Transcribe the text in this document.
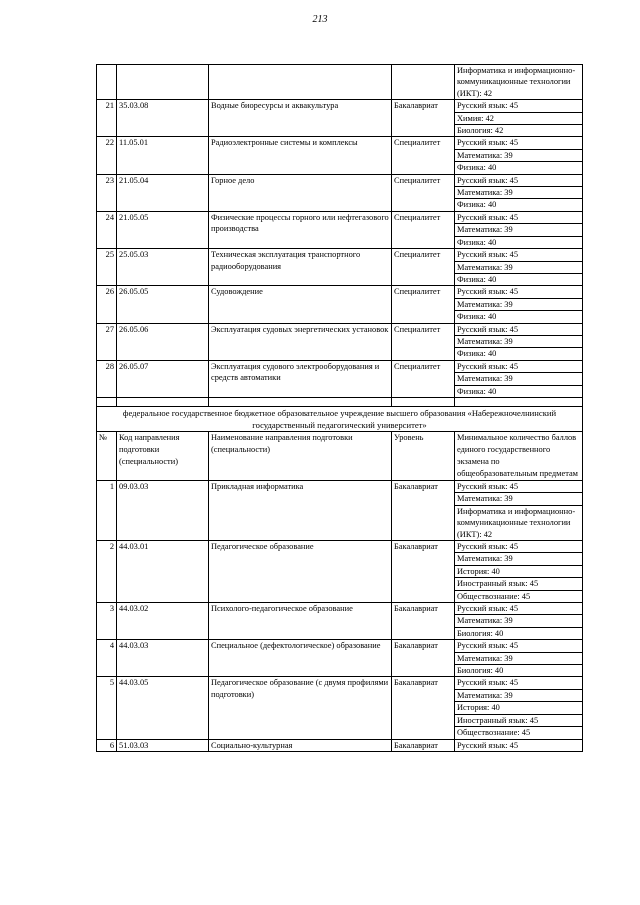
213
				Информатика и информационно-коммуникационные технологии (ИКТ): 42
21	35.03.08	Водные биоресурсы и аквакультура	Бакалавриат	Русский язык: 45
				Химия: 42
				Биология: 42
22	11.05.01	Радиоэлектронные системы и комплексы	Специалитет	Русский язык: 45
				Математика: 39
				Физика: 40
23	21.05.04	Горное дело	Специалитет	Русский язык: 45
				Математика: 39
				Физика: 40
24	21.05.05	Физические процессы горного или нефтегазового производства	Специалитет	Русский язык: 45
				Математика: 39
				Физика: 40
25	25.05.03	Техническая эксплуатация транспортного радиооборудования	Специалитет	Русский язык: 45
				Математика: 39
				Физика: 40
26	26.05.05	Судовождение	Специалитет	Русский язык: 45
				Математика: 39
				Физика: 40
27	26.05.06	Эксплуатация судовых энергетических установок	Специалитет	Русский язык: 45
				Математика: 39
				Физика: 40
28	26.05.07	Эксплуатация судового электрооборудования и средств автоматики	Специалитет	Русский язык: 45
				Математика: 39
				Физика: 40

федеральное государственное бюджетное образовательное учреждение высшего образования «Набережночелнинский государственный педагогический университет»				
№	Код направления подготовки (специальности)	Наименование направления подготовки (специальности)	Уровень	Минимальное количество баллов единого государственного экзамена по общеобразовательным предметам
1	09.03.03	Прикладная информатика	Бакалавриат	Русский язык: 45
				Математика: 39
				Информатика и информационно-коммуникационные технологии (ИКТ): 42
2	44.03.01	Педагогическое образование	Бакалавриат	Русский язык: 45
				Математика: 39
				История: 40
				Иностранный язык: 45
				Обществознание: 45
3	44.03.02	Психолого-педагогическое образование	Бакалавриат	Русский язык: 45
				Математика: 39
				Биология: 40
4	44.03.03	Специальное (дефектологическое) образование	Бакалавриат	Русский язык: 45
				Математика: 39
				Биология: 40
5	44.03.05	Педагогическое образование (с двумя профилями подготовки)	Бакалавриат	Русский язык: 45
				Математика: 39
				История: 40
				Иностранный язык: 45
				Обществознание: 45
6	51.03.03	Социально-культурная	Бакалавриат	Русский язык: 45
